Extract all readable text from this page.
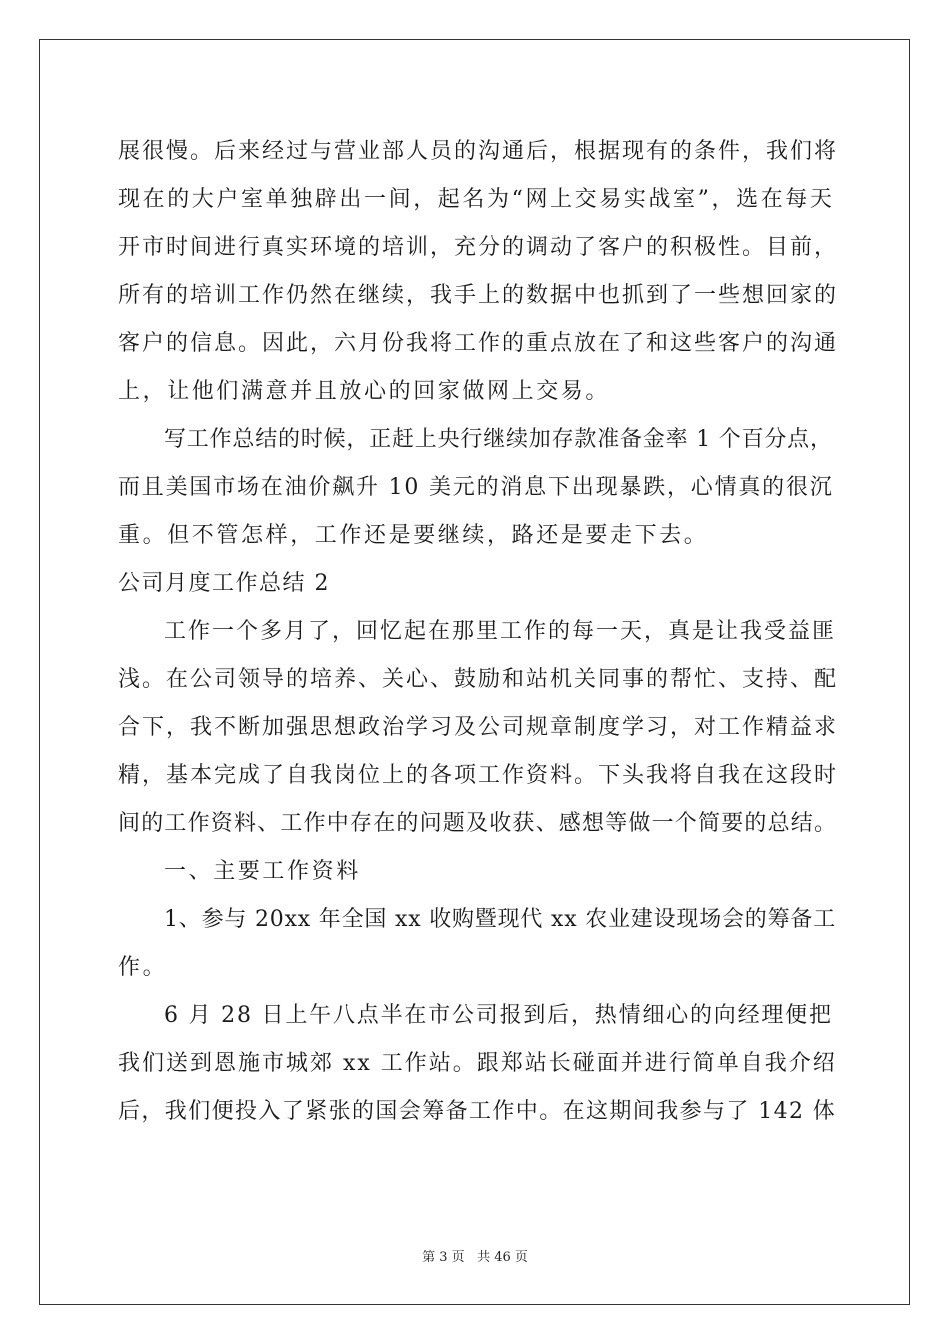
展很慢。后来经过与营业部人员的沟通后，根据现有的条件，我们将
现在的大户室单独辟出一间，起名为“网上交易实战室”，选在每天
开市时间进行真实环境的培训，充分的调动了客户的积极性。目前，
所有的培训工作仍然在继续，我手上的数据中也抓到了一些想回家的
客户的信息。因此，六月份我将工作的重点放在了和这些客户的沟通
上，让他们满意并且放心的回家做网上交易。
写工作总结的时候，正赶上央行继续加存款准备金率 1 个百分点，
而且美国市场在油价飙升 10 美元的消息下出现暴跌，心情真的很沉
重。但不管怎样，工作还是要继续，路还是要走下去。
公司月度工作总结 2
工作一个多月了，回忆起在那里工作的每一天，真是让我受益匪
浅。在公司领导的培养、关心、鼓励和站机关同事的帮忙、支持、配
合下，我不断加强思想政治学习及公司规章制度学习，对工作精益求
精，基本完成了自我岗位上的各项工作资料。下头我将自我在这段时
间的工作资料、工作中存在的问题及收获、感想等做一个简要的总结。
一、主要工作资料
1、参与 20xx 年全国 xx 收购暨现代 xx 农业建设现场会的筹备工
作。
6 月 28 日上午八点半在市公司报到后，热情细心的向经理便把
我们送到恩施市城郊 xx 工作站。跟郑站长碰面并进行简单自我介绍
后，我们便投入了紧张的国会筹备工作中。在这期间我参与了 142 体
第 3 页 共 46 页
